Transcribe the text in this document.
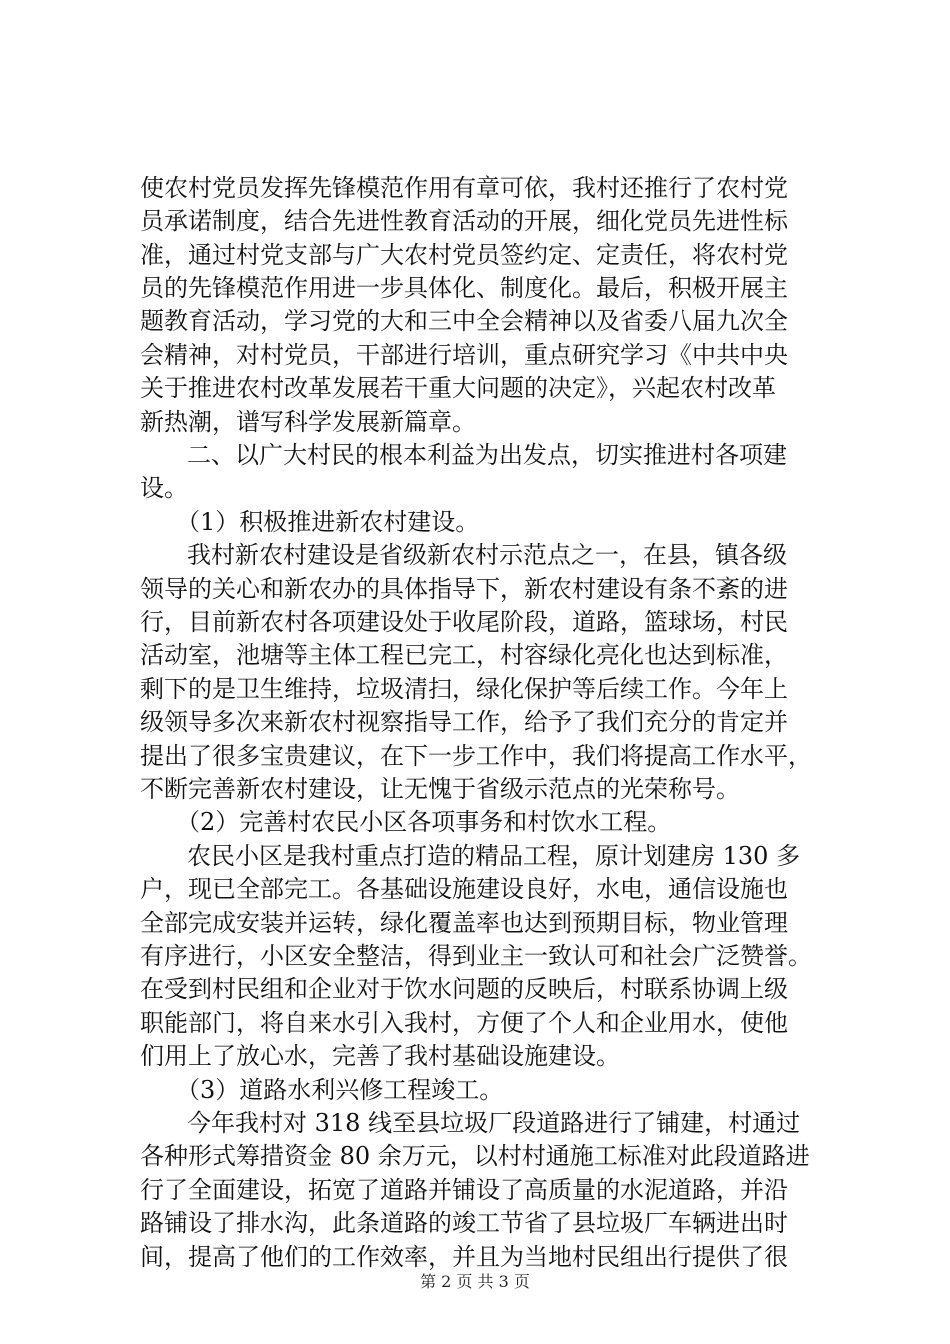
使农村党员发挥先锋模范作用有章可依，我村还推行了农村党
员承诺制度，结合先进性教育活动的开展，细化党员先进性标
准，通过村党支部与广大农村党员签约定、定责任，将农村党
员的先锋模范作用进一步具体化、制度化。最后，积极开展主
题教育活动，学习党的大和三中全会精神以及省委八届九次全
会精神，对村党员，干部进行培训，重点研究学习《中共中央
关于推进农村改革发展若干重大问题的决定》，兴起农村改革
新热潮，谱写科学发展新篇章。
二、以广大村民的根本利益为出发点，切实推进村各项建
设。
（1）积极推进新农村建设。
我村新农村建设是省级新农村示范点之一，在县，镇各级
领导的关心和新农办的具体指导下，新农村建设有条不紊的进
行，目前新农村各项建设处于收尾阶段，道路，篮球场，村民
活动室，池塘等主体工程已完工，村容绿化亮化也达到标准，
剩下的是卫生维持，垃圾清扫，绿化保护等后续工作。今年上
级领导多次来新农村视察指导工作，给予了我们充分的肯定并
提出了很多宝贵建议，在下一步工作中，我们将提高工作水平，
不断完善新农村建设，让无愧于省级示范点的光荣称号。
（2）完善村农民小区各项事务和村饮水工程。
农民小区是我村重点打造的精品工程，原计划建房 130 多
户，现已全部完工。各基础设施建设良好，水电，通信设施也
全部完成安装并运转，绿化覆盖率也达到预期目标，物业管理
有序进行，小区安全整洁，得到业主一致认可和社会广泛赞誉。
在受到村民组和企业对于饮水问题的反映后，村联系协调上级
职能部门，将自来水引入我村，方便了个人和企业用水，使他
们用上了放心水，完善了我村基础设施建设。
（3）道路水利兴修工程竣工。
今年我村对 318 线至县垃圾厂段道路进行了铺建，村通过
各种形式筹措资金 80 余万元，以村村通施工标准对此段道路进
行了全面建设，拓宽了道路并铺设了高质量的水泥道路，并沿
路铺设了排水沟，此条道路的竣工节省了县垃圾厂车辆进出时
间，提高了他们的工作效率，并且为当地村民组出行提供了很
第 2 页 共 3 页
